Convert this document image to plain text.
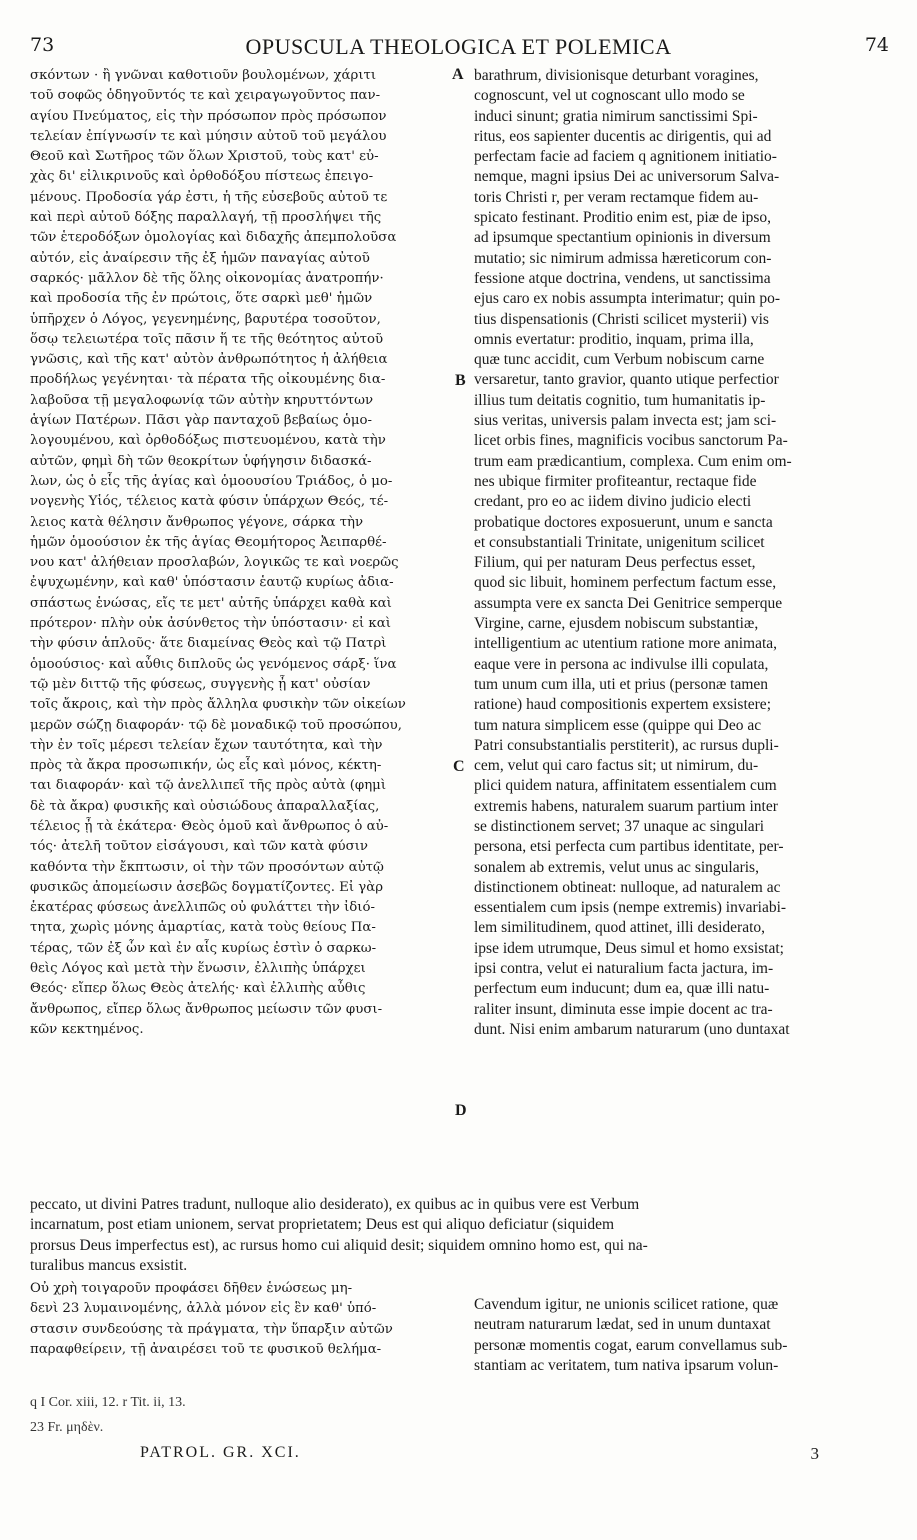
73	OPUSCULA THEOLOGICA ET POLEMICA	74
σκόντων · ἢ γνῶναι καθοτιοῦν βουλομένων, χάριτι
τοῦ σοφῶς ὁδηγοῦντός τε καὶ χειραγωγοῦντος παν-
αγίου Πνεύματος, εἰς τὴν πρόσωπον πρὸς πρόσωπον
τελείαν ἐπίγνωσίν τε καὶ μύησιν αὐτοῦ τοῦ μεγάλου
Θεοῦ καὶ Σωτῆρος τῶν ὅλων Χριστοῦ, τοὺς κατ' εὐ-
χὰς δι' εἰλικρινοῦς καὶ ὀρθοδόξου πίστεως ἐπειγο-
μένους. Προδοσία γάρ ἐστι, ἡ τῆς εὐσεβοῦς αὐτοῦ τε
καὶ περὶ αὐτοῦ δόξης παραλλαγή, τῇ προσλήψει τῆς
τῶν ἑτεροδόξων ὁμολογίας καὶ διδαχῆς ἀπεμπολοῦσα
αὐτόν, εἰς ἀναίρεσιν τῆς ἐξ ἡμῶν παναγίας αὐτοῦ
σαρκός· μᾶλλον δὲ τῆς ὅλης οἰκονομίας ἀνατροπήν·
καὶ προδοσία τῆς ἐν πρώτοις, ὅτε σαρκὶ μεθ' ἡμῶν
ὑπῆρχεν ὁ Λόγος, γεγενημένης, βαρυτέρα τοσοῦτον,
ὅσῳ τελειωτέρα τοῖς πᾶσιν ἥ τε τῆς θεότητος αὐτοῦ
γνῶσις, καὶ τῆς κατ' αὐτὸν ἀνθρωπότητος ἡ ἀλήθεια
προδήλως γεγένηται· τὰ πέρατα τῆς οἰκουμένης δια-
λαβοῦσα τῇ μεγαλοφωνίᾳ τῶν αὐτὴν κηρυττόντων
ἁγίων Πατέρων. Πᾶσι γὰρ πανταχοῦ βεβαίως ὁμο-
λογουμένου, καὶ ὀρθοδόξως πιστευομένου, κατὰ τὴν
αὐτῶν, φημὶ δὴ τῶν θεοκρίτων ὑφήγησιν διδασκά-
λων, ὡς ὁ εἷς τῆς ἁγίας καὶ ὁμοουσίου Τριάδος, ὁ μο-
νογενὴς Υἱός, τέλειος κατὰ φύσιν ὑπάρχων Θεός, τέ-
λειος κατὰ θέλησιν ἄνθρωπος γέγονε, σάρκα τὴν
ἡμῶν ὁμοούσιον ἐκ τῆς ἁγίας Θεομήτορος Ἀειπαρθέ-
νου κατ' ἀλήθειαν προσλαβών, λογικῶς τε καὶ νοερῶς
ἐψυχωμένην, καὶ καθ' ὑπόστασιν ἑαυτῷ κυρίως ἀδια-
σπάστως ἑνώσας, εἴς τε μετ' αὐτῆς ὑπάρχει καθὰ καὶ
πρότερον· πλὴν οὐκ ἀσύνθετος τὴν ὑπόστασιν· εἰ καὶ
τὴν φύσιν ἁπλοῦς· ἅτε διαμείνας Θεὸς καὶ τῷ Πατρὶ
ὁμοούσιος· καὶ αὖθις διπλοῦς ὡς γενόμενος σάρξ· ἵνα
τῷ μὲν διττῷ τῆς φύσεως, συγγενὴς ᾖ κατ' οὐσίαν
τοῖς ἄκροις, καὶ τὴν πρὸς ἄλληλα φυσικὴν τῶν οἰκείων
μερῶν σώζῃ διαφοράν· τῷ δὲ μοναδικῷ τοῦ προσώπου,
τὴν ἐν τοῖς μέρεσι τελείαν ἔχων ταυτότητα, καὶ τὴν
πρὸς τὰ ἄκρα προσωπικήν, ὡς εἷς καὶ μόνος, κέκτη-
ται διαφοράν· καὶ τῷ ἀνελλιπεῖ τῆς πρὸς αὐτὰ (φημὶ
δὲ τὰ ἄκρα) φυσικῆς καὶ οὐσιώδους ἀπαραλλαξίας,
τέλειος ᾖ τὰ ἑκάτερα· Θεὸς ὁμοῦ καὶ ἄνθρωπος ὁ αὐ-
τός· ἀτελῆ τοῦτον εἰσάγουσι, καὶ τῶν κατὰ φύσιν
καθόντα τὴν ἔκπτωσιν, οἱ τὴν τῶν προσόντων αὐτῷ
φυσικῶς ἀπομείωσιν ἀσεβῶς δογματίζοντες. Εἰ γὰρ
ἑκατέρας φύσεως ἀνελλιπῶς οὐ φυλάττει τὴν ἰδιό-
τητα, χωρὶς μόνης ἁμαρτίας, κατὰ τοὺς θείους Πα-
τέρας, τῶν ἐξ ὧν καὶ ἐν αἷς κυρίως ἐστὶν ὁ σαρκω-
θεὶς Λόγος καὶ μετὰ τὴν ἕνωσιν, ἐλλιπὴς ὑπάρχει
Θεός· εἴπερ ὅλως Θεὸς ἀτελής· καὶ ἐλλιπὴς αὖθις
ἄνθρωπος, εἴπερ ὅλως ἄνθρωπος μείωσιν τῶν φυσι-
κῶν κεκτημένος.
barathrum, divisionisque deturbant voragines,
cognoscunt, vel ut cognoscant ullo modo se
induci sinunt; gratia nimirum sanctissimi Spi-
ritus, eos sapienter ducentis ac dirigentis, qui ad
perfectam facie ad faciem q agnitionem initiatio-
nemque, magni ipsius Dei ac universorum Salva-
toris Christi r, per veram rectamque fidem au-
spicato festinant. Proditio enim est, piæ de ipso,
ad ipsumque spectantium opinionis in diversum
mutatio; sic nimirum admissa hæreticorum con-
fessione atque doctrina, vendens, ut sanctissima
ejus caro ex nobis assumpta interimatur; quin po-
tius dispensationis (Christi scilicet mysterii) vis
omnis evertatur: proditio, inquam, prima illa,
quæ tunc accidit, cum Verbum nobiscum carne
versaretur, tanto gravior, quanto utique perfectior
illius tum deitatis cognitio, tum humanitatis ip-
sius veritas, universis palam invecta est; jam sci-
licet orbis fines, magnificis vocibus sanctorum Pa-
trum eam prædicantium, complexa. Cum enim om-
nes ubique firmiter profiteantur, rectaque fide
credant, pro eo ac iidem divino judicio electi
probatique doctores exposuerunt, unum e sancta
et consubstantiali Trinitate, unigenitum scilicet
Filium, qui per naturam Deus perfectus esset,
quod sic libuit, hominem perfectum factum esse,
assumpta vere ex sancta Dei Genitrice semperque
Virgine, carne, ejusdem nobiscum substantiæ,
intelligentium ac utentium ratione more animata,
eaque vere in persona ac indivulse illi copulata,
tum unum cum illa, uti et prius (personæ tamen
ratione) haud compositionis expertem exsistere;
tum natura simplicem esse (quippe qui Deo ac
Patri consubstantialis perstiterit), ac rursus dupli-
cem, velut qui caro factus sit; ut nimirum, du-
plici quidem natura, affinitatem essentialem cum
extremis habens, naturalem suarum partium inter
se distinctionem servet; 37 unaque ac singulari
persona, etsi perfecta cum partibus identitate, per-
sonalem ab extremis, velut unus ac singularis,
distinctionem obtineat: nulloque, ad naturalem ac
essentialem cum ipsis (nempe extremis) invariabi-
lem similitudinem, quod attinet, illi desiderato,
ipse idem utrumque, Deus simul et homo exsistat;
ipsi contra, velut ei naturalium facta jactura, im-
perfectum eum inducunt; dum ea, quæ illi natu-
raliter insunt, diminuta esse impie docent ac tra-
dunt. Nisi enim ambarum naturarum (uno duntaxat
A
B
C
D
peccato, ut divini Patres tradunt, nulloque alio desiderato), ex quibus ac in quibus vere est Verbum
incarnatum, post etiam unionem, servat proprietatem; Deus est qui aliquo deficiatur (siquidem
prorsus Deus imperfectus est), ac rursus homo cui aliquid desit; siquidem omnino homo est, qui na-
turalibus mancus exsistit.
Οὐ χρὴ τοιγαροῦν προφάσει δῆθεν ἑνώσεως μη-
δενὶ 23 λυμαινομένης, ἀλλὰ μόνον εἰς ἓν καθ' ὑπό-
στασιν συνδεούσης τὰ πράγματα, τὴν ὕπαρξιν αὐτῶν
παραφθείρειν, τῇ ἀναιρέσει τοῦ τε φυσικοῦ θελήμα-
Cavendum igitur, ne unionis scilicet ratione, quæ
neutram naturarum lædat, sed in unum duntaxat
personæ momentis cogat, earum convellamus sub-
stantiam ac veritatem, tum nativa ipsarum volun-
q I Cor. xiii, 12. r Tit. ii, 13.
23 Fr. μηδὲν.
PATROL. GR. XCI.	3
